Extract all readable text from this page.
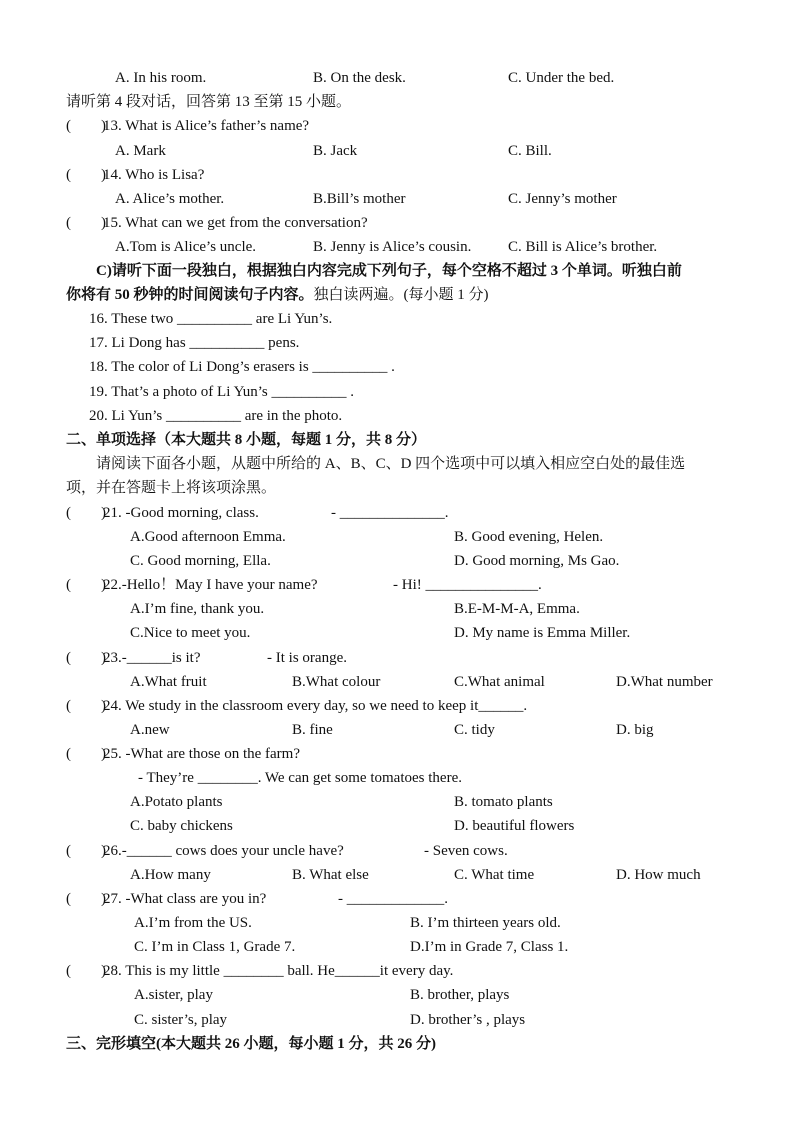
A. In his room.	B. On the desk.	C. Under the bed.
请听第 4 段对话，回答第 13 至第 15 小题。
(　　)
13. What is Alice’s father’s name?
A. Mark	B. Jack	C. Bill.
(　　)
14. Who is Lisa?
A. Alice’s mother.	B.Bill’s mother	C. Jenny’s mother
(　　)
15. What can we get from the conversation?
A.Tom is Alice’s uncle.	B. Jenny is Alice’s cousin. C. Bill is Alice’s brother.
C)请听下面一段独白，根据独白内容完成下列句子，每个空格不超过 3 个单词。听独白前
你将有 50 秒钟的时间阅读句子内容。独白读两遍。(每小题 1 分)
16. These two __________ are Li Yun’s.
17. Li Dong has __________ pens.
18. The color of Li Dong’s erasers is __________ .
19. That’s a photo of Li Yun’s __________ .
20. Li Yun’s __________ are in the photo.
二、单项选择（本大题共 8 小题，每题 1 分，共 8 分）
请阅读下面各小题，从题中所给的 A、B、C、D 四个选项中可以填入相应空白处的最佳选
项，并在答题卡上将该项涂黑。
(　　)
21. -Good morning, class.	- ______________.
A.Good afternoon Emma.	B. Good evening, Helen.
C. Good morning, Ella.	D. Good morning, Ms Gao.
(　　)
22.-Hello！May I have your name?	- Hi! _______________.
A.I’m fine, thank you.	B.E-M-M-A, Emma.
C.Nice to meet you.	D. My name is Emma Miller.
(　　)
23.-______is it?	- It is orange.
A.What fruit	B.What colour	C.What animal	D.What number
(　　)
24. We study in the classroom every day, so we need to keep it______.
A.new	B. fine	C. tidy	D. big
(　　)
25. -What are those on the farm?
- They’re ________. We can get some tomatoes there.
A.Potato plants	B. tomato plants
C. baby chickens	D. beautiful flowers
(　　)
26.-______ cows does your uncle have?	- Seven cows.
A.How many	B. What else	C. What time	D. How much
(　　)
27. -What class are you in?	- _____________.
A.I’m from the US.	B. I’m thirteen years old.
C. I’m in Class 1, Grade 7.	D.I’m in Grade 7, Class 1.
(　　)
28. This is my little ________ ball. He______it every day.
A.sister, play	B. brother, plays
C. sister’s, play	D. brother’s , plays
三、完形填空(本大题共 26 小题，每小题 1 分，共 26 分)
